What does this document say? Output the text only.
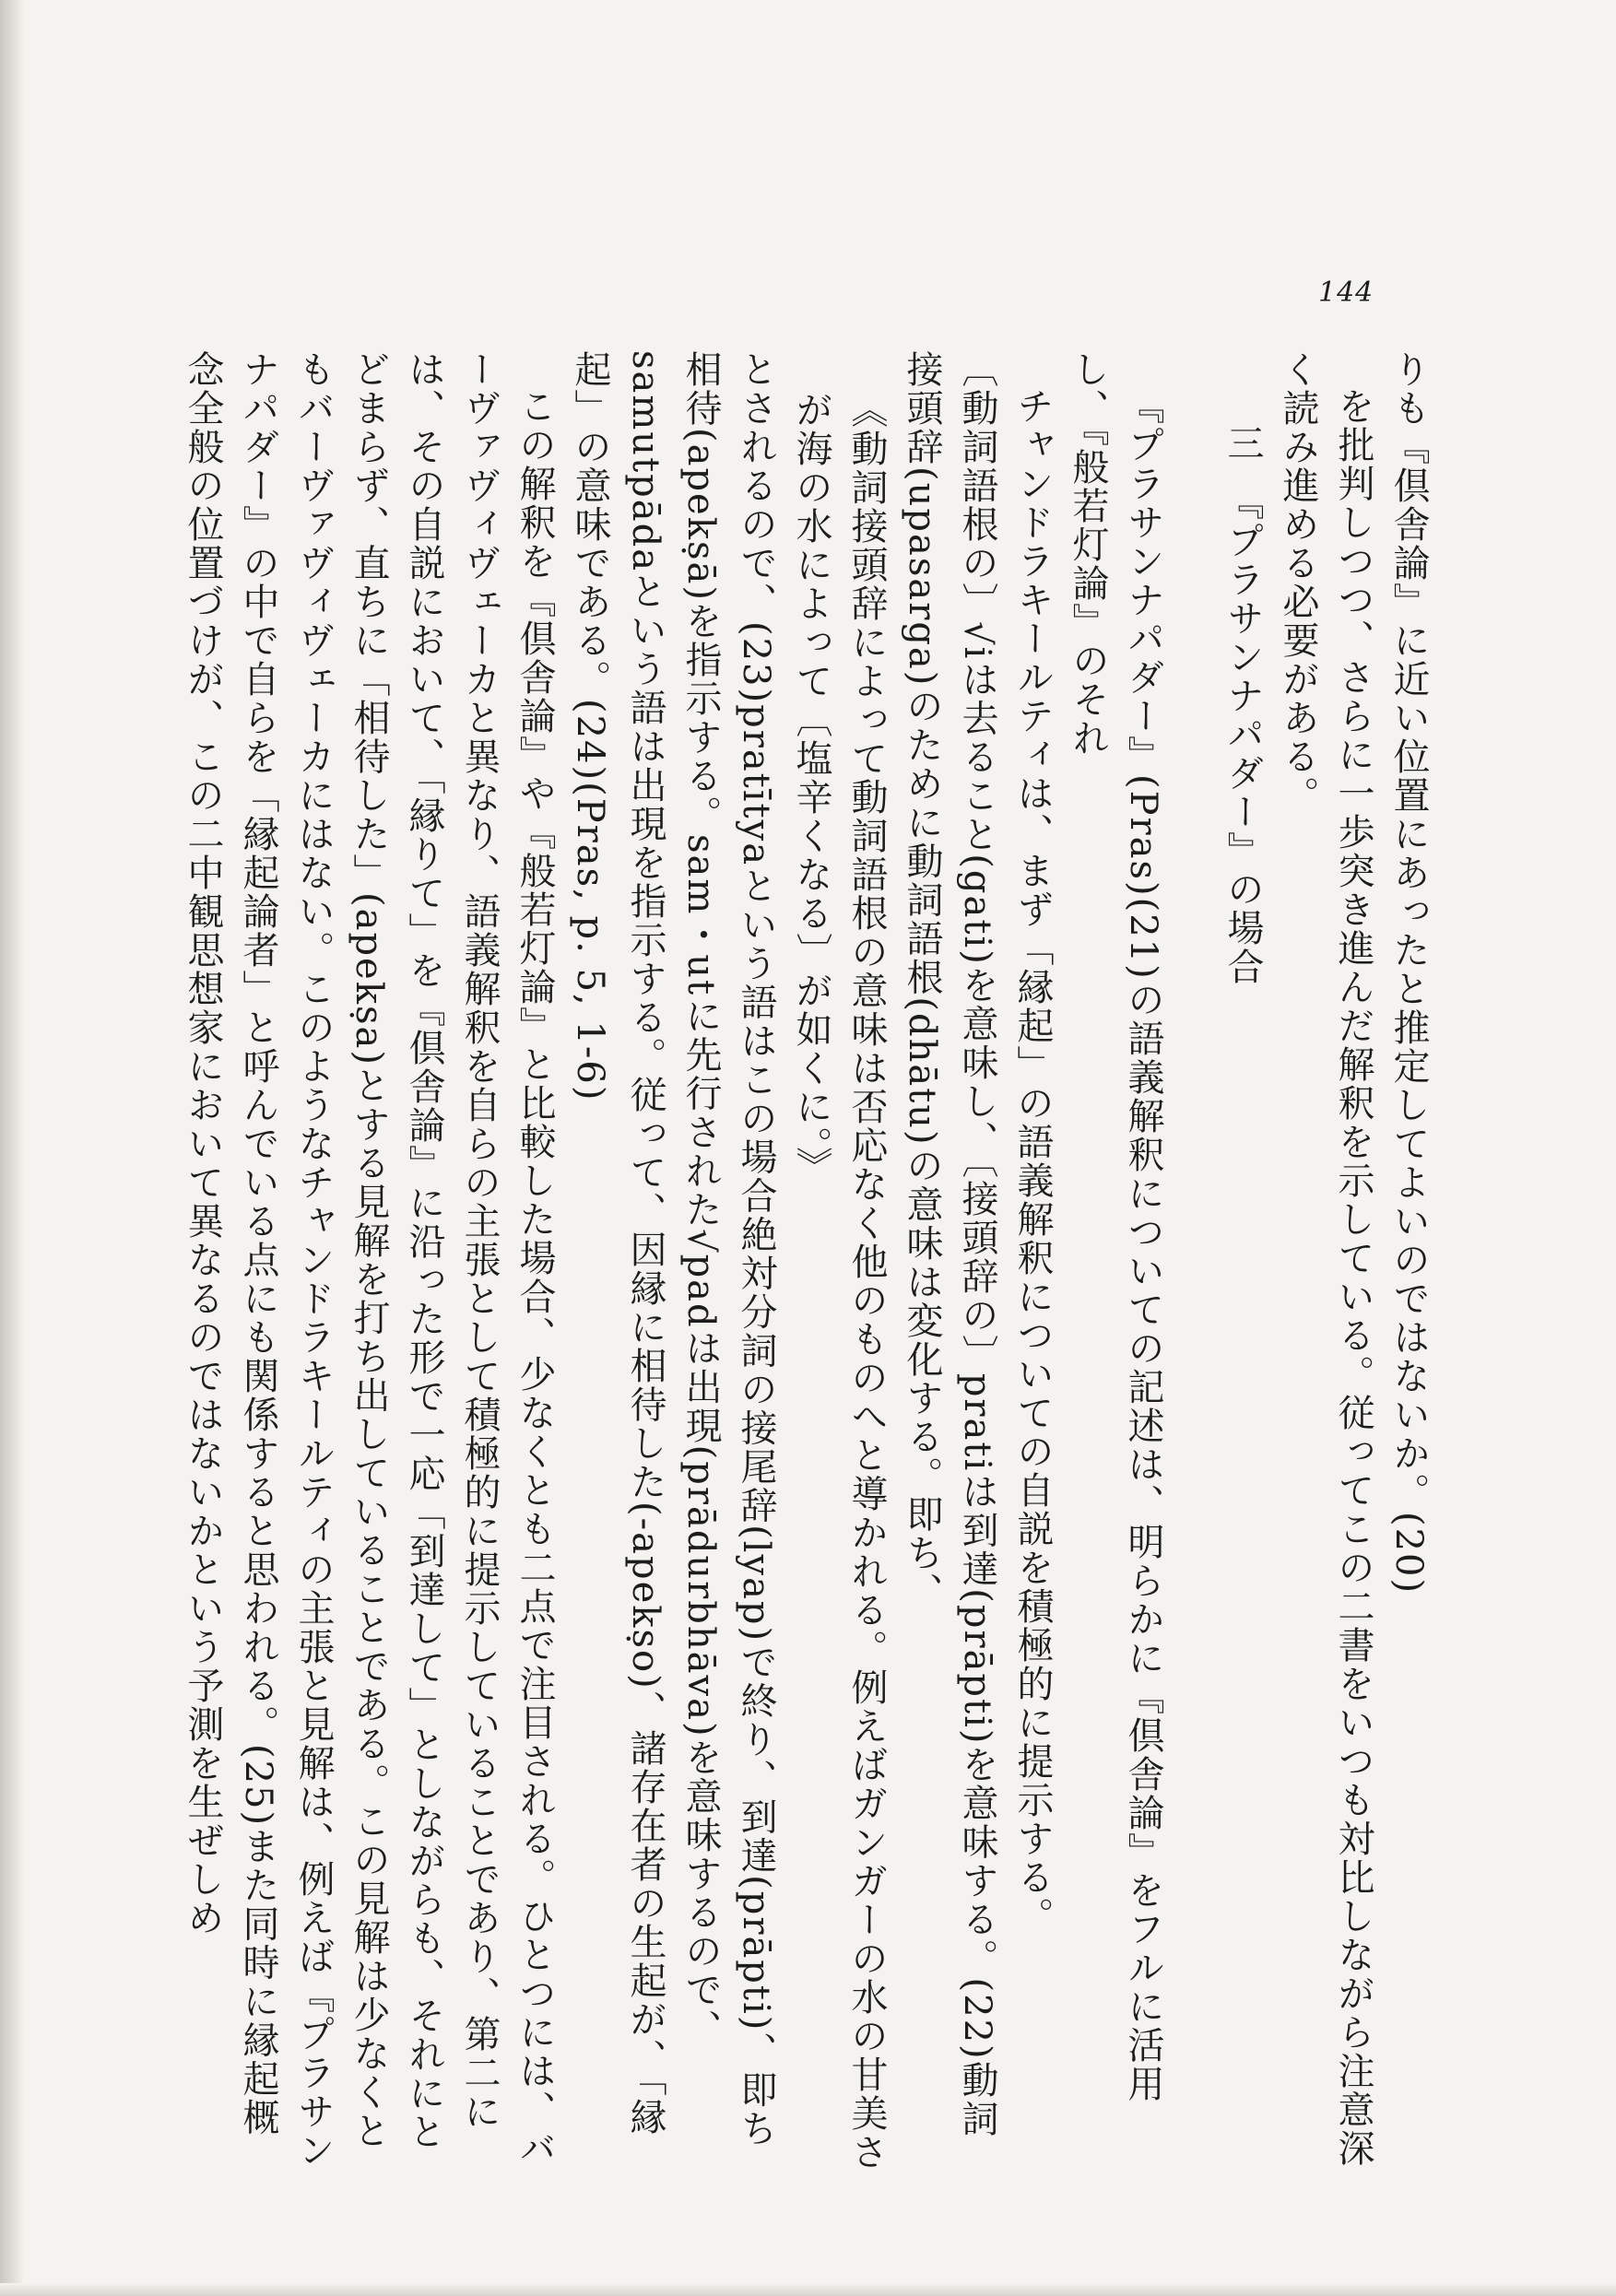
144

りも『倶舎論』に近い位置にあったと推定してよいのではないか。(20)

を批判しつつ、さらに一歩突き進んだ解釈を示している。従ってこの二書をいつも対比しながら注意深く読み進める必要がある。

三　『プラサンナパダー』の場合

『プラサンナパダー』(Pras)(21)の語義解釈についての記述は、明らかに『倶舎論』をフルに活用し、『般若灯論』のそれ

チャンドラキールティは、まず「縁起」の語義解釈についての自説を積極的に提示する。

〔動詞語根の〕√iは去ること(gati)を意味し、〔接頭辞の〕pratiは到達(prāpti)を意味する。(22)動詞接頭辞(upasarga)のために動詞語根(dhātu)の意味は変化する。即ち、

《動詞接頭辞によって動詞語根の意味は否応なく他のものへと導かれる。例えばガンガーの水の甘美さが海の水によって〔塩辛くなる〕が如くに。》

とされるので、(23)pratītyaという語はこの場合絶対分詞の接尾辞(lyap)で終り、到達(prāpti)、即ち相待(apekṣā)を指示する。sam・utに先行された√padは出現(prādurbhāva)を意味するので、samutpādaという語は出現を指示する。従って、因縁に相待した(-apekṣo)、諸存在者の生起が、「縁起」の意味である。(24)(Pras, p. 5, 1-6)

この解釈を『倶舎論』や『般若灯論』と比較した場合、少なくとも二点で注目される。ひとつには、バーヴァヴィヴェーカと異なり、語義解釈を自らの主張として積極的に提示していることであり、第二には、その自説において、「縁りて」を『倶舎論』に沿った形で一応「到達して」としながらも、それにとどまらず、直ちに「相待した」(apekṣa)とする見解を打ち出していることである。この見解は少なくともバーヴァヴィヴェーカにはない。このようなチャンドラキールティの主張と見解は、例えば『プラサンナパダー』の中で自らを「縁起論者」と呼んでいる点にも関係すると思われる。(25)また同時に縁起概念全般の位置づけが、この二中観思想家において異なるのではないかという予測を生ぜしめ
